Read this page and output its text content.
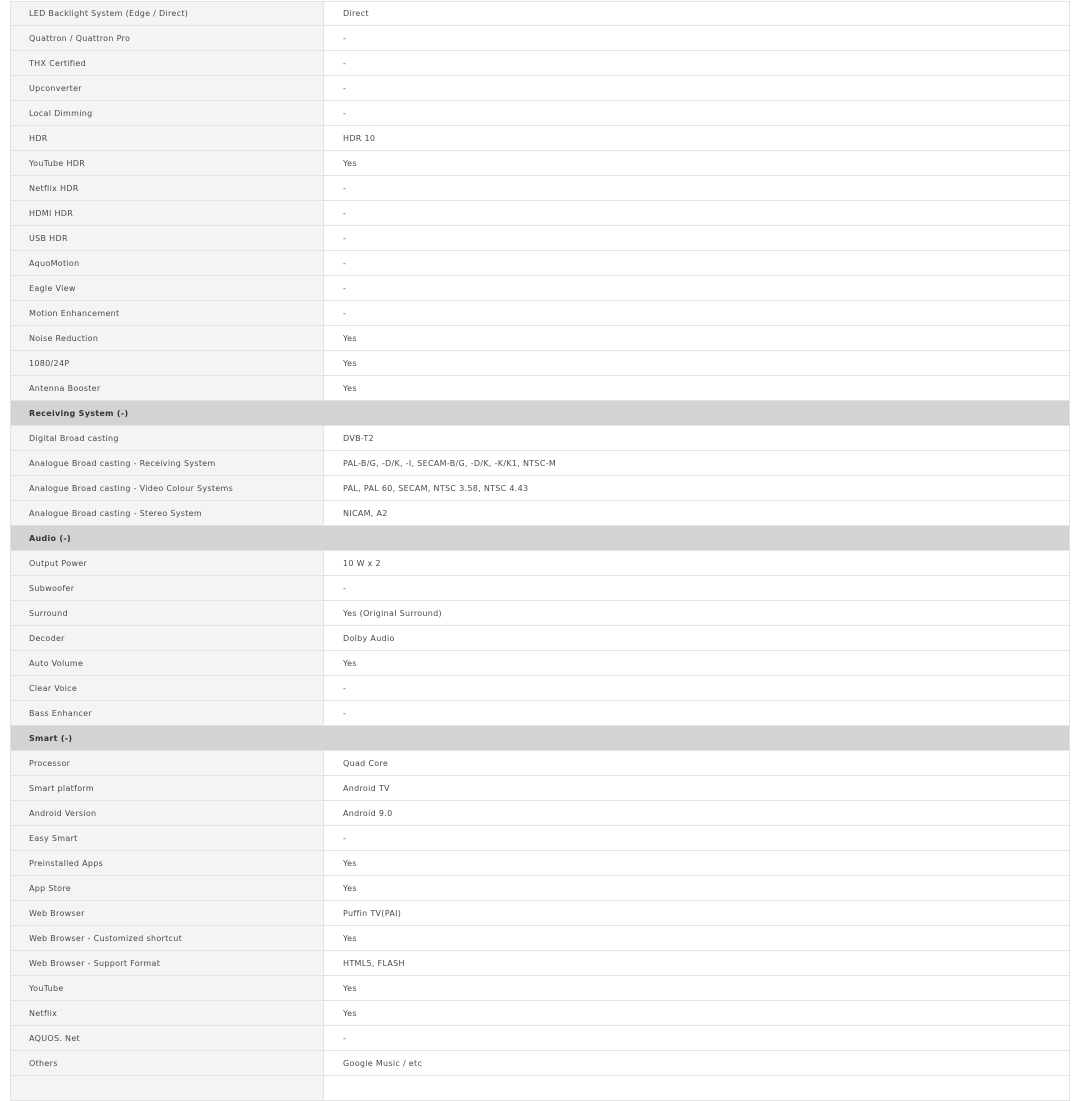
LED Backlight System (Edge / Direct)	Direct
Quattron / Quattron Pro	-
THX Certified	-
Upconverter	-
Local Dimming	-
HDR	HDR 10
YouTube HDR	Yes
Netflix HDR	-
HDMI HDR	-
USB HDR	-
AquoMotion	-
Eagle View	-
Motion Enhancement	-
Noise Reduction	Yes
1080/24P	Yes
Antenna Booster	Yes
Receiving System (-)
Digital Broad casting	DVB-T2
Analogue Broad casting - Receiving System	PAL-B/G, -D/K, -I, SECAM-B/G, -D/K, -K/K1, NTSC-M
Analogue Broad casting - Video Colour Systems	PAL, PAL 60, SECAM, NTSC 3.58, NTSC 4.43
Analogue Broad casting - Stereo System	NICAM, A2
Audio (-)
Output Power	10 W x 2
Subwoofer	-
Surround	Yes (Original Surround)
Decoder	Dolby Audio
Auto Volume	Yes
Clear Voice	-
Bass Enhancer	-
Smart (-)
Processor	Quad Core
Smart platform	Android TV
Android Version	Android 9.0
Easy Smart	-
Preinstalled Apps	Yes
App Store	Yes
Web Browser	Puffin TV(PAI)
Web Browser - Customized shortcut	Yes
Web Browser - Support Format	HTML5, FLASH
YouTube	Yes
Netflix	Yes
AQUOS. Net	-
Others	Google Music / etc
